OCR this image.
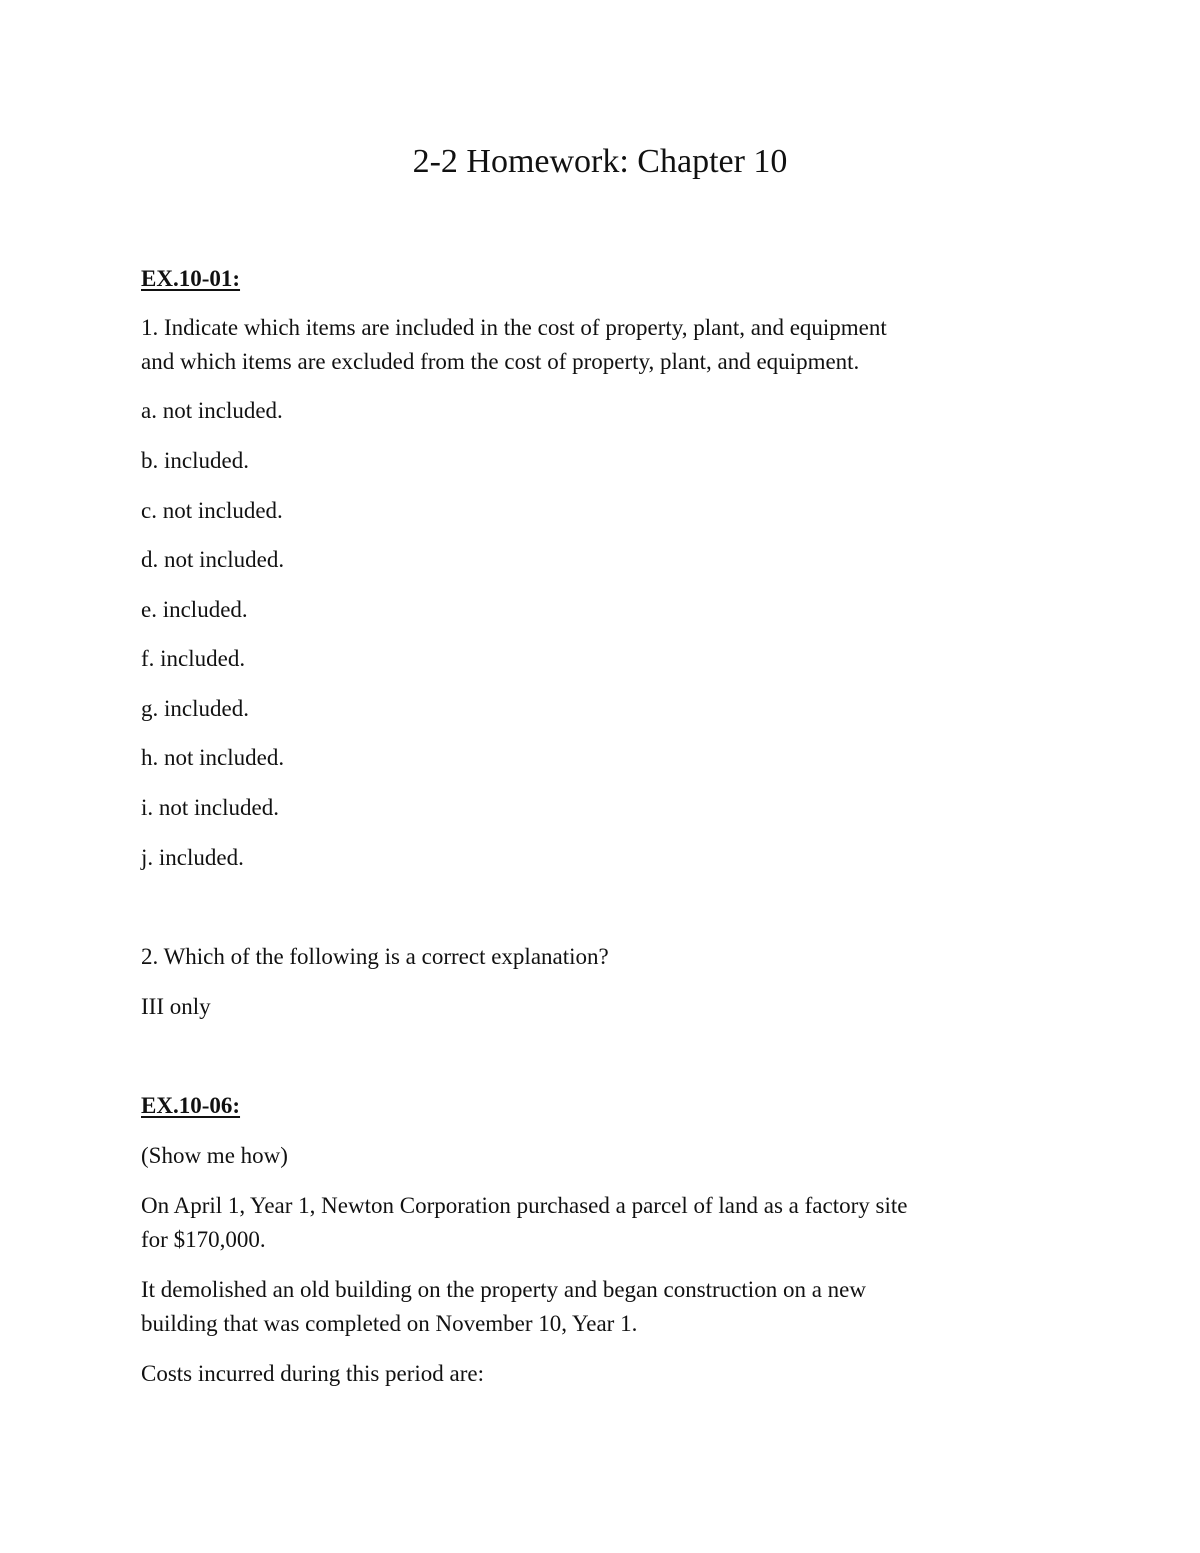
2-2 Homework: Chapter 10
EX.10-01:
1. Indicate which items are included in the cost of property, plant, and equipment
and which items are excluded from the cost of property, plant, and equipment.
a. not included.
b. included.
c. not included.
d. not included.
e. included.
f. included.
g. included.
h. not included.
i. not included.
j. included.
2. Which of the following is a correct explanation?
III only
EX.10-06:
(Show me how)
On April 1, Year 1, Newton Corporation purchased a parcel of land as a factory site
for $170,000.
It demolished an old building on the property and began construction on a new
building that was completed on November 10, Year 1.
Costs incurred during this period are:
